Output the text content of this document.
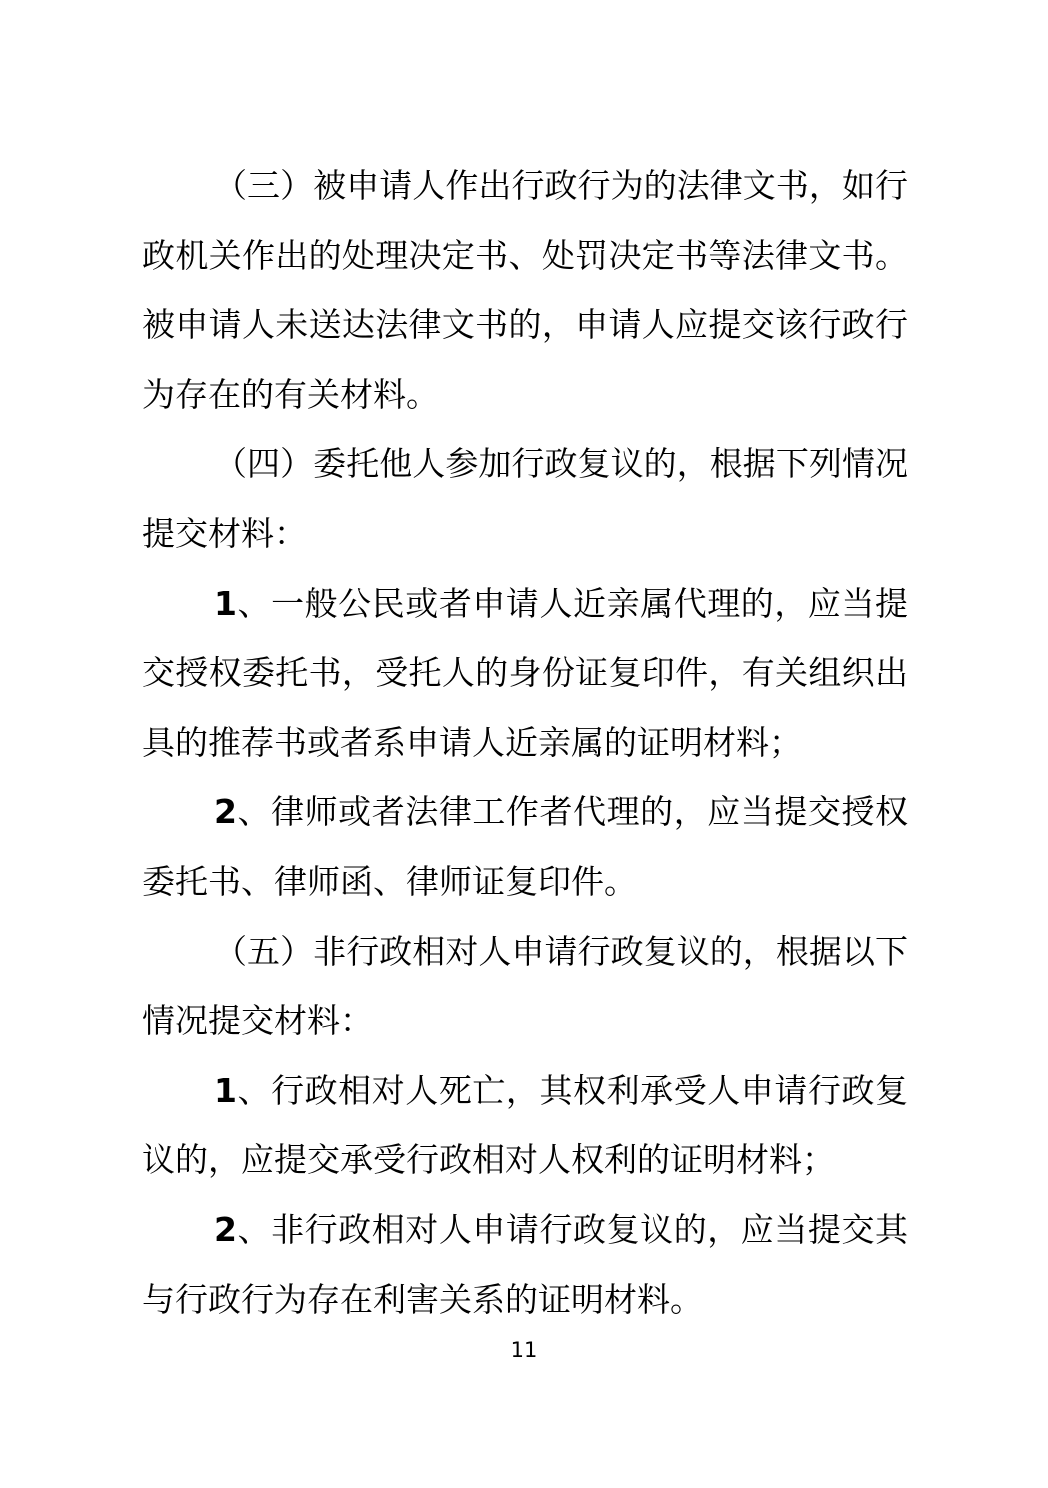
（三）被申请人作出行政行为的法律文书，如行政机关作出的处理决定书、处罚决定书等法律文书。被申请人未送达法律文书的，申请人应提交该行政行为存在的有关材料。

（四）委托他人参加行政复议的，根据下列情况提交材料：

1、一般公民或者申请人近亲属代理的，应当提交授权委托书，受托人的身份证复印件，有关组织出具的推荐书或者系申请人近亲属的证明材料；

2、律师或者法律工作者代理的，应当提交授权委托书、律师函、律师证复印件。

（五）非行政相对人申请行政复议的，根据以下情况提交材料：

1、行政相对人死亡，其权利承受人申请行政复议的，应提交承受行政相对人权利的证明材料；

2、非行政相对人申请行政复议的，应当提交其与行政行为存在利害关系的证明材料。

11
